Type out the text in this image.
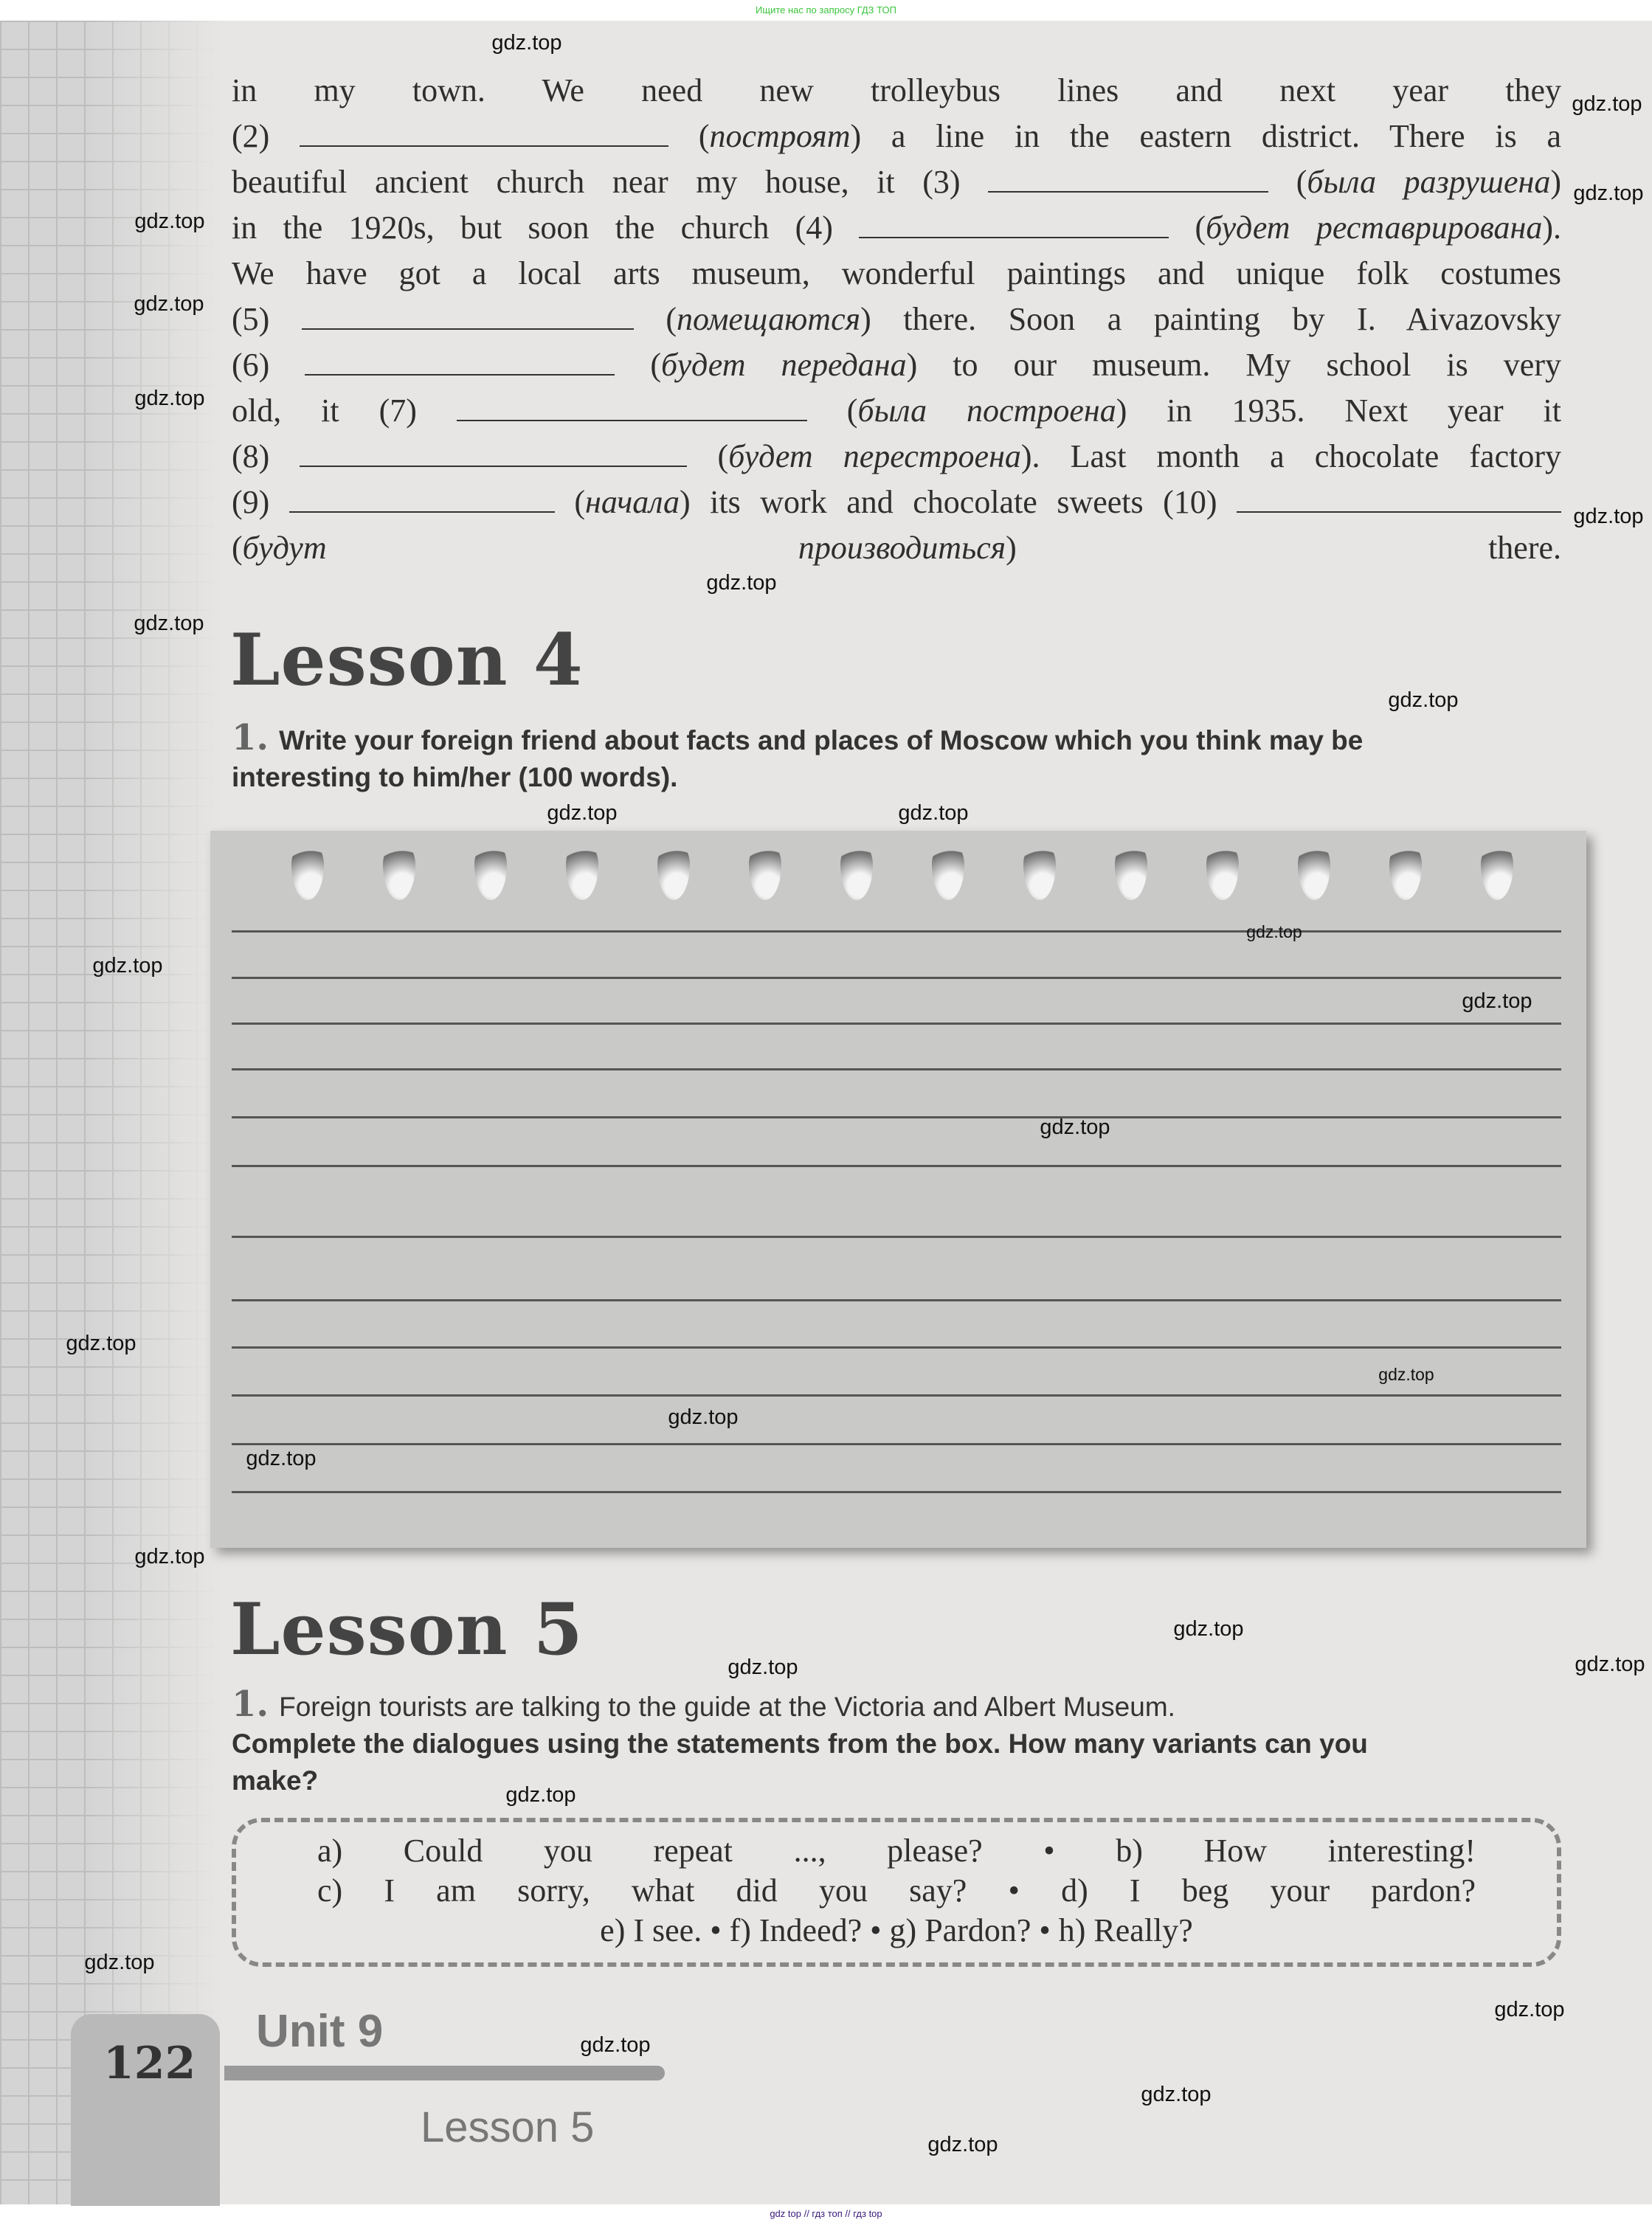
Ищите нас по запросу ГДЗ ТОП
in my town. We need new trolleybus lines and next year they
(2)	(построят) a line in the eastern district. There is a
beautiful ancient church near my house, it (3)	(была разрушена)
in the 1920s, but soon the church (4)	(будет реставрирована).
We have got a local arts museum, wonderful paintings and unique folk costumes
(5)	(помещаются) there. Soon a painting by I. Aivazovsky
(6)	(будет передана) to our museum. My school is very
old, it (7)	(была построена) in 1935. Next year it
(8)	(будет перестроена). Last month a chocolate factory
(9)	(начала) its work and chocolate sweets (10)
(будут производиться) there.
Lesson 4
1. Write your foreign friend about facts and places of Moscow which you think may be
interesting to him/her (100 words).
Lesson 5
1. Foreign tourists are talking to the guide at the Victoria and Albert Museum.
Complete the dialogues using the statements from the box. How many variants can you
make?
a) Could you repeat ..., please? • b) How interesting!
c) I am sorry, what did you say? • d) I beg your pardon?
e) I see. • f) Indeed? • g) Pardon? • h) Really?
122
Unit 9
Lesson 5
gdz.top
gdz.top
gdz.top
gdz.top
gdz.top
gdz.top
gdz.top
gdz.top
gdz.top
gdz.top
gdz.top
gdz.top
gdz.top
gdz.top
gdz.top
gdz.top
gdz.top
gdz.top
gdz.top
gdz.top
gdz.top
gdz.top
gdz.top	gdz.top
gdz.top
gdz.top
gdz.top
gdz.top
gdz.top
gdz.top
gdz top // гдз топ // гдз top
